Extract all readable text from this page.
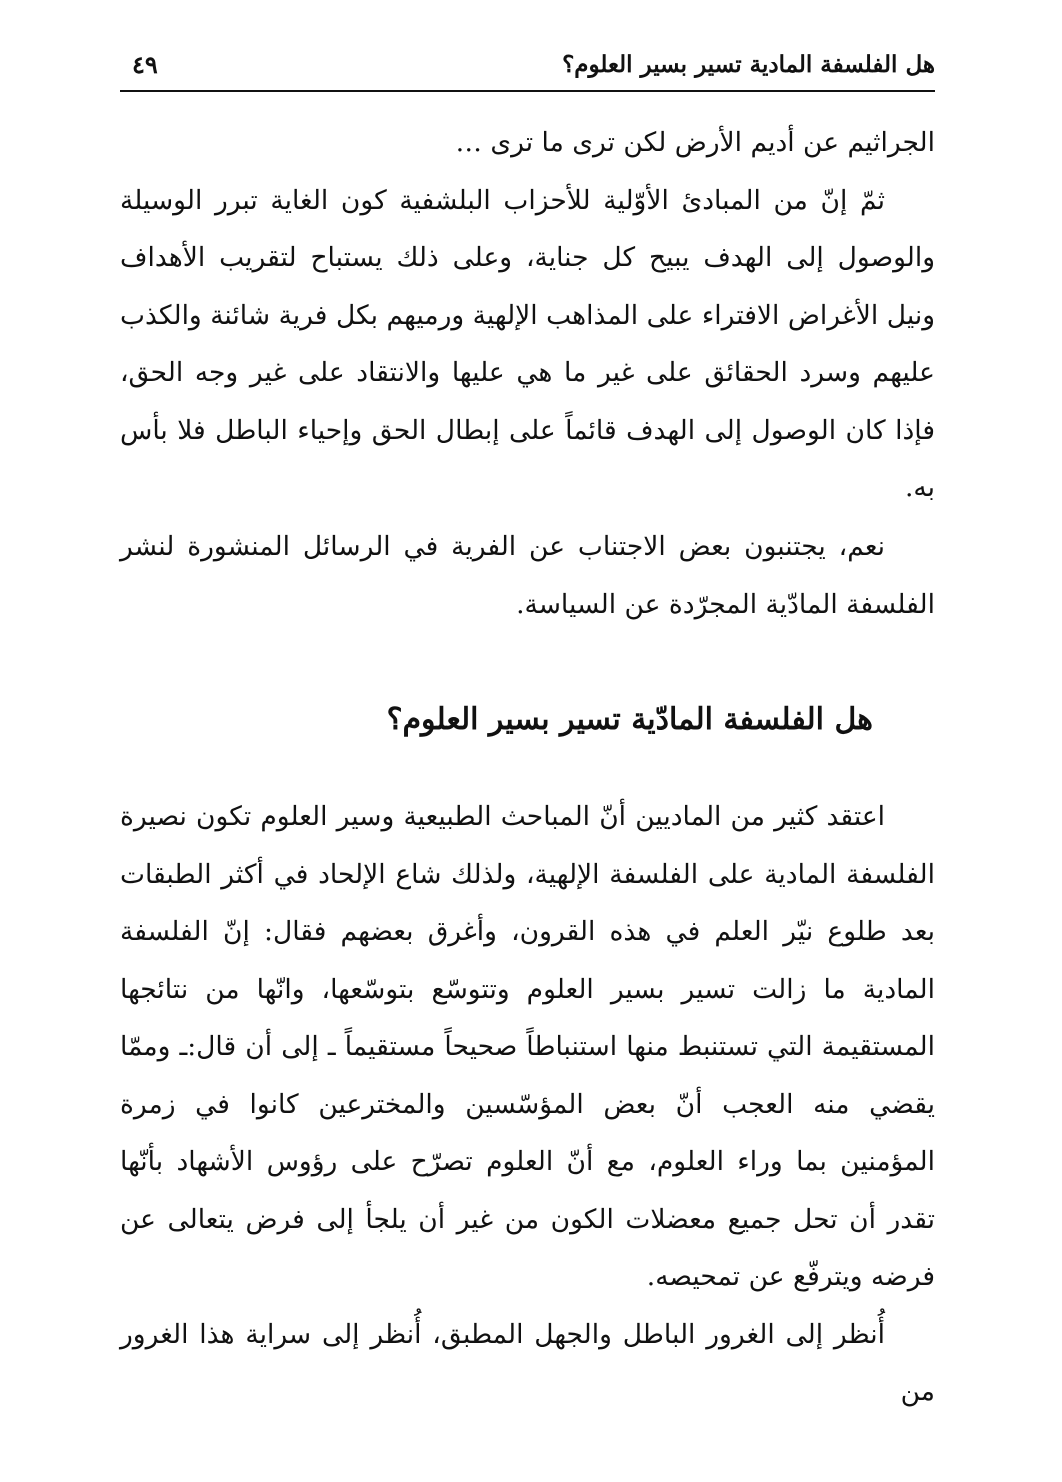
هل الفلسفة المادية تسير بسير العلوم؟
٤٩

الجراثيم عن أديم الأرض لكن ترى ما ترى …

ثمّ إنّ من المبادئ الأوّلية للأحزاب البلشفية كون الغاية تبرر الوسيلة والوصول إلى الهدف يبيح كل جناية، وعلى ذلك يستباح لتقريب الأهداف ونيل الأغراض الافتراء على المذاهب الإلهية ورميهم بكل فرية شائنة والكذب عليهم وسرد الحقائق على غير ما هي عليها والانتقاد على غير وجه الحق، فإذا كان الوصول إلى الهدف قائماً على إبطال الحق وإحياء الباطل فلا بأس به.

نعم، يجتنبون بعض الاجتناب عن الفرية في الرسائل المنشورة لنشر الفلسفة المادّية المجرّدة عن السياسة.

هل الفلسفة المادّية تسير بسير العلوم؟

اعتقد كثير من الماديين أنّ المباحث الطبيعية وسير العلوم تكون نصيرة الفلسفة المادية على الفلسفة الإلهية، ولذلك شاع الإلحاد في أكثر الطبقات بعد طلوع نيّر العلم في هذه القرون، وأغرق بعضهم فقال: إنّ الفلسفة المادية ما زالت تسير بسير العلوم وتتوسّع بتوسّعها، وانّها من نتائجها المستقيمة التي تستنبط منها استنباطاً صحيحاً مستقيماً ـ إلى أن قال:ـ وممّا يقضي منه العجب أنّ بعض المؤسّسين والمخترعين كانوا في زمرة المؤمنين بما وراء العلوم، مع أنّ العلوم تصرّح على رؤوس الأشهاد بأنّها تقدر أن تحل جميع معضلات الكون من غير أن يلجأ إلى فرض يتعالى عن فرضه ويترفّع عن تمحيصه.

أُنظر إلى الغرور الباطل والجهل المطبق، أُنظر إلى سراية هذا الغرور من
